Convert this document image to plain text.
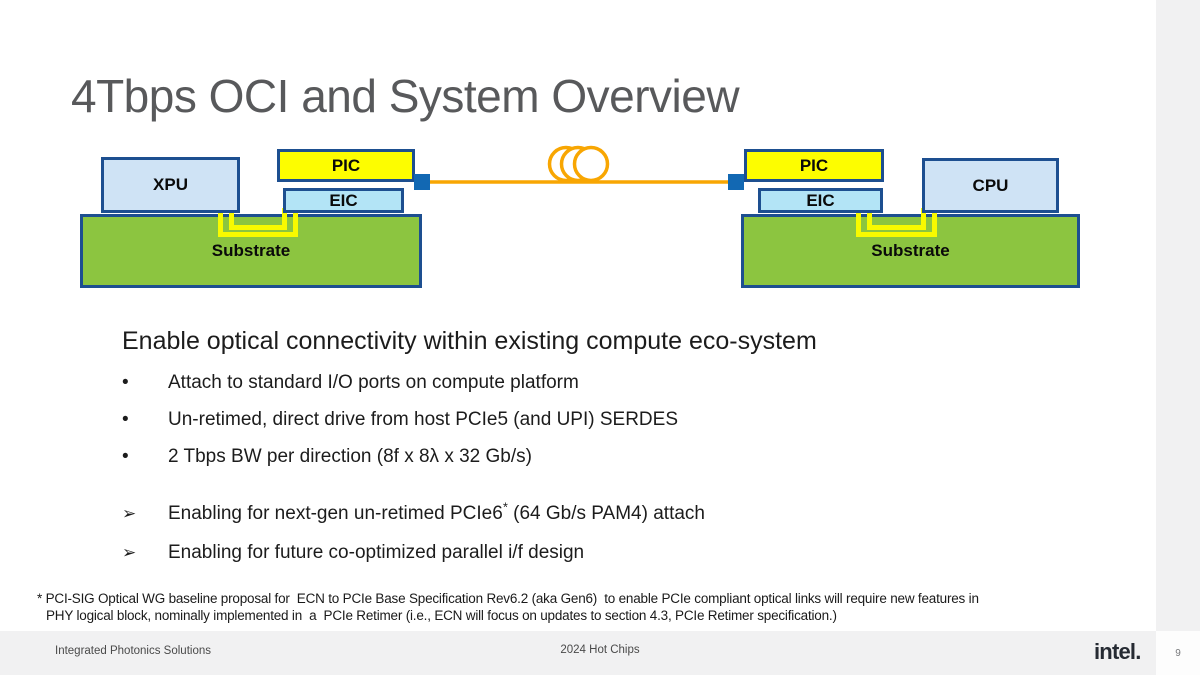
4Tbps OCI and System Overview
Substrate
XPU
PIC
EIC
Substrate
PIC
EIC
CPU
Enable optical connectivity within existing compute eco-system
• Attach to standard I/O ports on compute platform
• Un-retimed, direct drive from host PCIe5 (and UPI) SERDES
• 2 Tbps BW per direction (8f x 8λ x 32 Gb/s)
➢ Enabling for next-gen un-retimed PCIe6* (64 Gb/s PAM4) attach
➢ Enabling for future co-optimized parallel i/f design
* PCI-SIG Optical WG baseline proposal for  ECN to PCIe Base Specification Rev6.2 (aka Gen6)  to enable PCIe compliant optical links will require new features in
PHY logical block, nominally implemented in  a  PCIe Retimer (i.e., ECN will focus on updates to section 4.3, PCIe Retimer specification.)
Integrated Photonics Solutions	2024 Hot Chips	intel.	9
